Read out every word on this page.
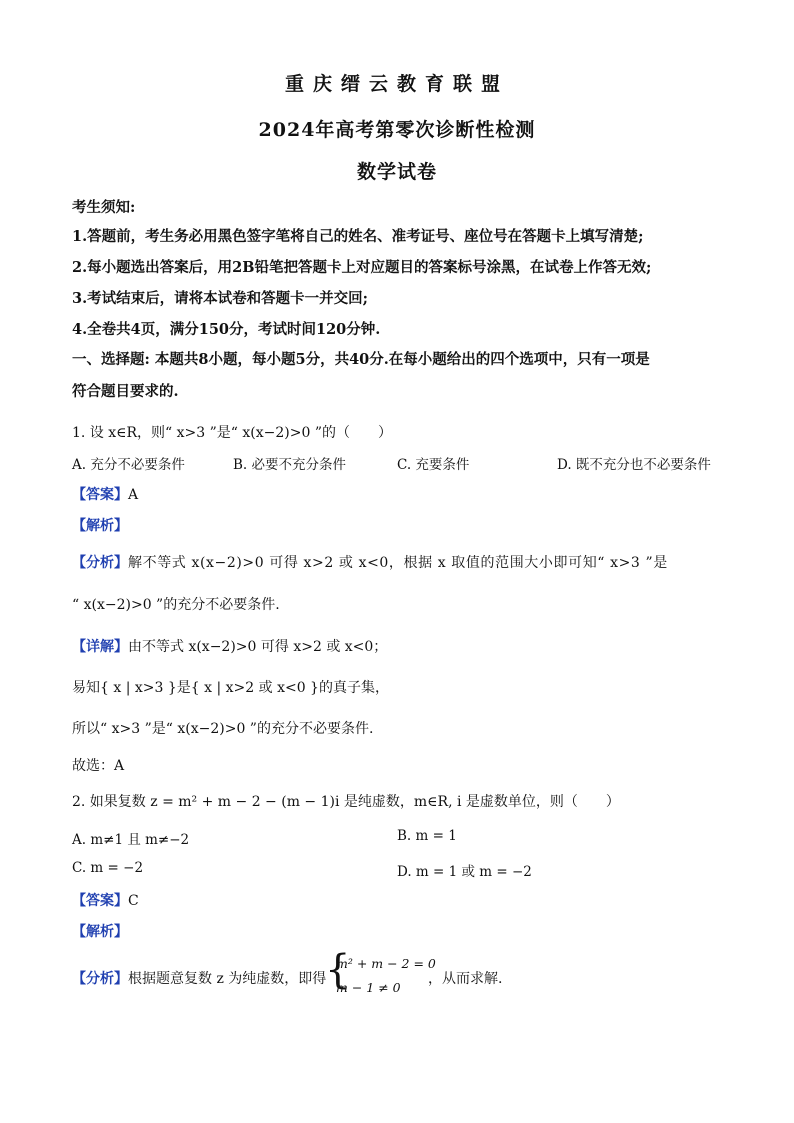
重庆缙云教育联盟
2024年高考第零次诊断性检测
数学试卷
考生须知:
1.答题前，考生务必用黑色签字笔将自己的姓名、准考证号、座位号在答题卡上填写清楚;
2.每小题选出答案后，用2B铅笔把答题卡上对应题目的答案标号涂黑，在试卷上作答无效;
3.考试结束后，请将本试卷和答题卡一并交回;
4.全卷共4页，满分150分，考试时间120分钟.
一、选择题: 本题共8小题，每小题5分，共40分.在每小题给出的四个选项中，只有一项是
符合题目要求的.
1. 设 x∈R，则“ x>3 ”是“ x(x−2)>0 ”的（　　）
A. 充分不必要条件	B. 必要不充分条件	C. 充要条件	D. 既不充分也不必要条件
【答案】A
【解析】
【分析】解不等式 x(x−2)>0 可得 x>2 或 x<0，根据 x 取值的范围大小即可知“ x>3 ”是
“ x(x−2)>0 ”的充分不必要条件.
【详解】由不等式 x(x−2)>0 可得 x>2 或 x<0；
易知{ x | x>3 }是{ x | x>2 或 x<0 }的真子集，
所以“ x>3 ”是“ x(x−2)>0 ”的充分不必要条件.
故选：A
2. 如果复数 z = m² + m − 2 − (m − 1)i 是纯虚数，m∈R, i 是虚数单位，则（　　）
A. m≠1 且 m≠−2	B. m = 1
C. m = −2	D. m = 1 或 m = −2
【答案】C
【解析】
【分析】根据题意复数 z 为纯虚数，即得
{
m² + m − 2 = 0
m − 1 ≠ 0
，从而求解.
